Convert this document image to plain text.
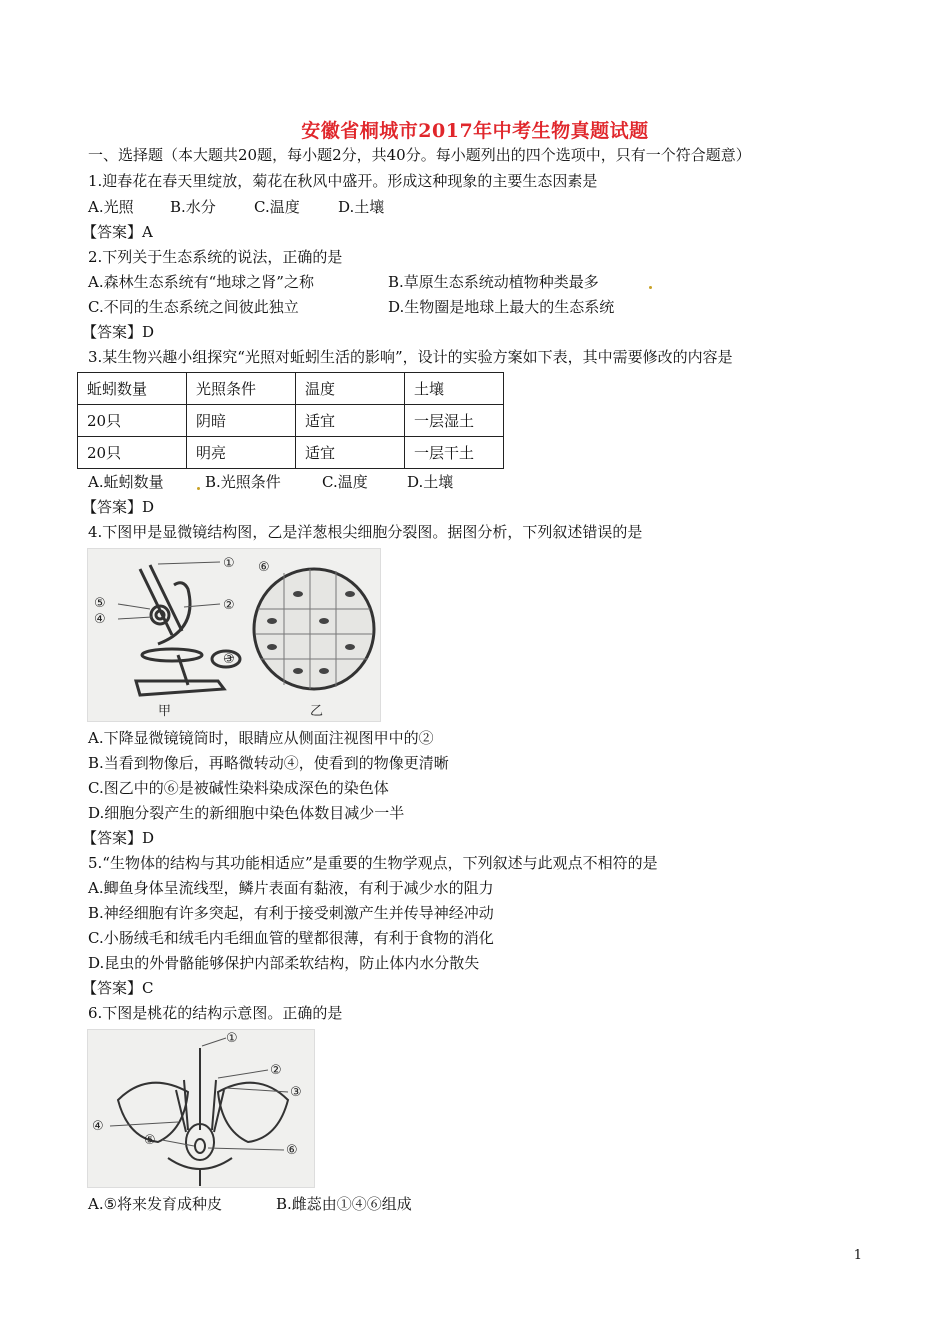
安徽省桐城市2017年中考生物真题试题
一、选择题（本大题共20题，每小题2分，共40分。每小题列出的四个选项中，只有一个符合题意）
1.迎春花在春天里绽放，菊花在秋风中盛开。形成这种现象的主要生态因素是
A.光照 B.水分	C.温度	D.土壤
【答案】A
2.下列关于生态系统的说法，正确的是
A.森林生态系统有“地球之肾”之称	B.草原生态系统动植物种类最多
C.不同的生态系统之间彼此独立	D.生物圈是地球上最大的生态系统
【答案】D
3.某生物兴趣小组探究“光照对蚯蚓生活的影响”，设计的实验方案如下表，其中需要修改的内容是
蚯蚓数量	光照条件	温度	土壤
20只	阴暗	适宜	一层湿土
20只	明亮	适宜	一层干土
A.蚯蚓数量	B.光照条件	C.温度	D.土壤
【答案】D
4.下图甲是显微镜结构图，乙是洋葱根尖细胞分裂图。据图分析，下列叙述错误的是
①
②
③
⑤
④
甲	乙
⑥
A.下降显微镜镜筒时，眼睛应从侧面注视图甲中的②
B.当看到物像后，再略微转动④，使看到的物像更清晰
C.图乙中的⑥是被碱性染料染成深色的染色体
D.细胞分裂产生的新细胞中染色体数目减少一半
【答案】D
5.“生物体的结构与其功能相适应”是重要的生物学观点，下列叙述与此观点不相符的是
A.鲫鱼身体呈流线型，鳞片表面有黏液，有利于减少水的阻力
B.神经细胞有许多突起，有利于接受刺激产生并传导神经冲动
C.小肠绒毛和绒毛内毛细血管的壁都很薄，有利于食物的消化
D.昆虫的外骨骼能够保护内部柔软结构，防止体内水分散失
【答案】C
6.下图是桃花的结构示意图。正确的是
①
②
③
④
⑤
⑥
A.⑤将来发育成种皮	B.雌蕊由①④⑥组成
1
